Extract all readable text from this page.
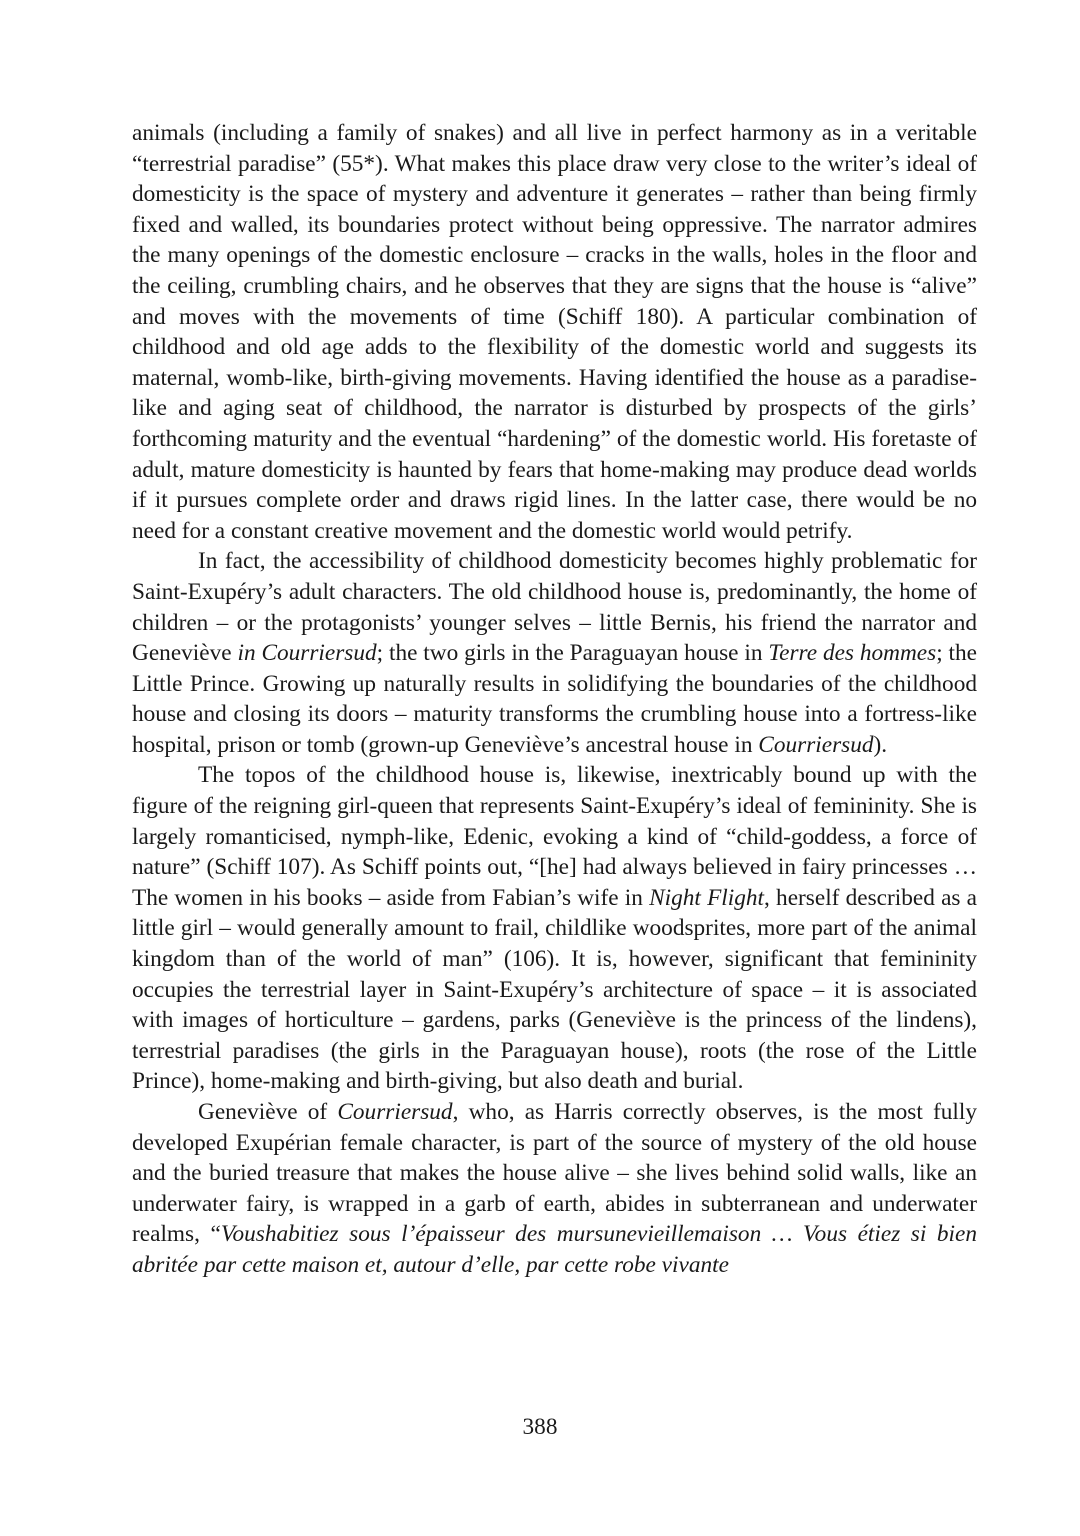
animals (including a family of snakes) and all live in perfect harmony as in a veritable “terrestrial paradise” (55*). What makes this place draw very close to the writer’s ideal of domesticity is the space of mystery and adventure it generates – rather than being firmly fixed and walled, its boundaries protect without being oppressive. The narrator admires the many openings of the domestic enclosure – cracks in the walls, holes in the floor and the ceiling, crumbling chairs, and he observes that they are signs that the house is “alive” and moves with the movements of time (Schiff 180). A particular combination of childhood and old age adds to the flexibility of the domestic world and suggests its maternal, womb-like, birth-giving movements. Having identified the house as a paradise-like and aging seat of childhood, the narrator is disturbed by prospects of the girls’ forthcoming maturity and the eventual “hardening” of the domestic world. His foretaste of adult, mature domesticity is haunted by fears that home-making may produce dead worlds if it pursues complete order and draws rigid lines. In the latter case, there would be no need for a constant creative movement and the domestic world would petrify.

In fact, the accessibility of childhood domesticity becomes highly problematic for Saint-Exupéry’s adult characters. The old childhood house is, predominantly, the home of children – or the protagonists’ younger selves – little Bernis, his friend the narrator and Geneviève in Courriersud; the two girls in the Paraguayan house in Terre des hommes; the Little Prince. Growing up naturally results in solidifying the boundaries of the childhood house and closing its doors – maturity transforms the crumbling house into a fortress-like hospital, prison or tomb (grown-up Geneviève’s ancestral house in Courriersud).

The topos of the childhood house is, likewise, inextricably bound up with the figure of the reigning girl-queen that represents Saint-Exupéry’s ideal of femininity. She is largely romanticised, nymph-like, Edenic, evoking a kind of “child-goddess, a force of nature” (Schiff 107). As Schiff points out, “[he] had always believed in fairy princesses … The women in his books – aside from Fabian’s wife in Night Flight, herself described as a little girl – would generally amount to frail, childlike woodsprites, more part of the animal kingdom than of the world of man” (106). It is, however, significant that femininity occupies the terrestrial layer in Saint-Exupéry’s architecture of space – it is associated with images of horticulture – gardens, parks (Geneviève is the princess of the lindens), terrestrial paradises (the girls in the Paraguayan house), roots (the rose of the Little Prince), home-making and birth-giving, but also death and burial.

Geneviève of Courriersud, who, as Harris correctly observes, is the most fully developed Exupérian female character, is part of the source of mystery of the old house and the buried treasure that makes the house alive – she lives behind solid walls, like an underwater fairy, is wrapped in a garb of earth, abides in subterranean and underwater realms, “Voushabitiez sous l’épaisseur des mursunevieillemaison … Vous étiez si bien abritée par cette maison et, autour d’elle, par cette robe vivante

388
